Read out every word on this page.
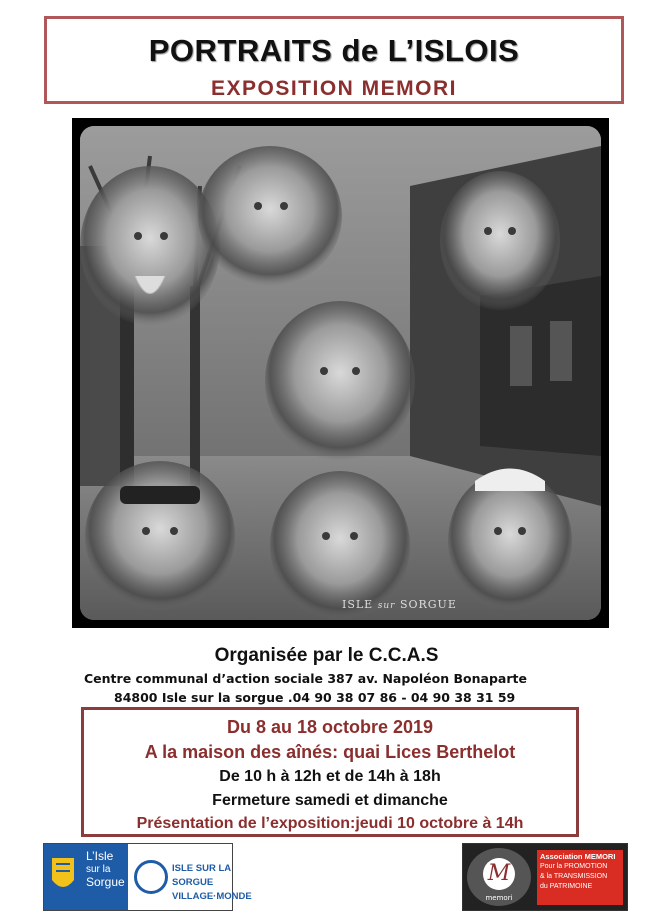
PORTRAITS de L’ISLOIS
EXPOSITION MEMORI
ISLE sur SORGUE
Organisée par le C.C.A.S
Centre communal d’action sociale 387 av. Napoléon Bonaparte
84800 Isle sur la sorgue .04 90 38 07 86 - 04 90 38 31 59
Du 8 au 18 octobre 2019
A la maison des aînés: quai Lices Berthelot
De 10 h à 12h et de 14h à 18h
Fermeture samedi et dimanche
Présentation de l’exposition:jeudi 10 octobre à 14h
L’Isle
sur la
Sorgue
ISLE SUR LA SORGUE
VILLAGE·MONDE
M
memori
Association MEMORI
Pour la PROMOTION
& la TRANSMISSION
du PATRIMOINE
